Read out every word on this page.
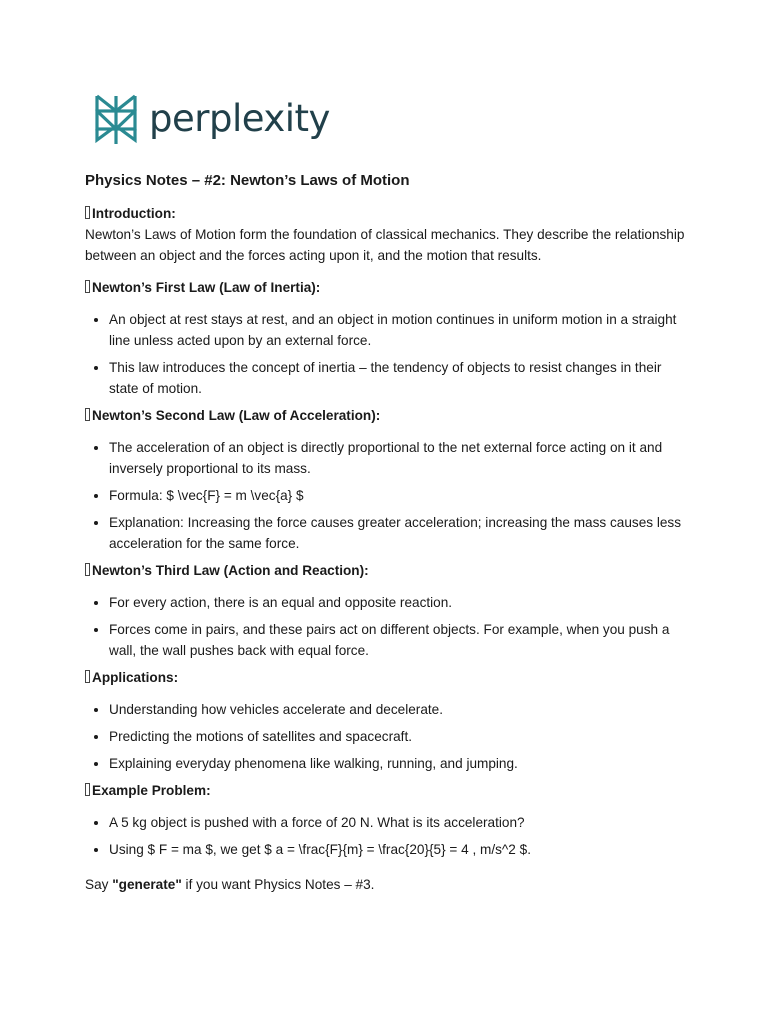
perplexity
Physics Notes – #2: Newton’s Laws of Motion
Introduction:
Newton’s Laws of Motion form the foundation of classical mechanics. They describe the relationship between an object and the forces acting upon it, and the motion that results.
Newton’s First Law (Law of Inertia):
• An object at rest stays at rest, and an object in motion continues in uniform motion in a straight line unless acted upon by an external force.
• This law introduces the concept of inertia – the tendency of objects to resist changes in their state of motion.
Newton’s Second Law (Law of Acceleration):
• The acceleration of an object is directly proportional to the net external force acting on it and inversely proportional to its mass.
• Formula: $ \vec{F} = m \vec{a} $
• Explanation: Increasing the force causes greater acceleration; increasing the mass causes less acceleration for the same force.
Newton’s Third Law (Action and Reaction):
• For every action, there is an equal and opposite reaction.
• Forces come in pairs, and these pairs act on different objects. For example, when you push a wall, the wall pushes back with equal force.
Applications:
• Understanding how vehicles accelerate and decelerate.
• Predicting the motions of satellites and spacecraft.
• Explaining everyday phenomena like walking, running, and jumping.
Example Problem:
• A 5 kg object is pushed with a force of 20 N. What is its acceleration?
• Using $ F = ma $, we get $ a = \frac{F}{m} = \frac{20}{5} = 4 , m/s^2 $.
Say "generate" if you want Physics Notes – #3.
